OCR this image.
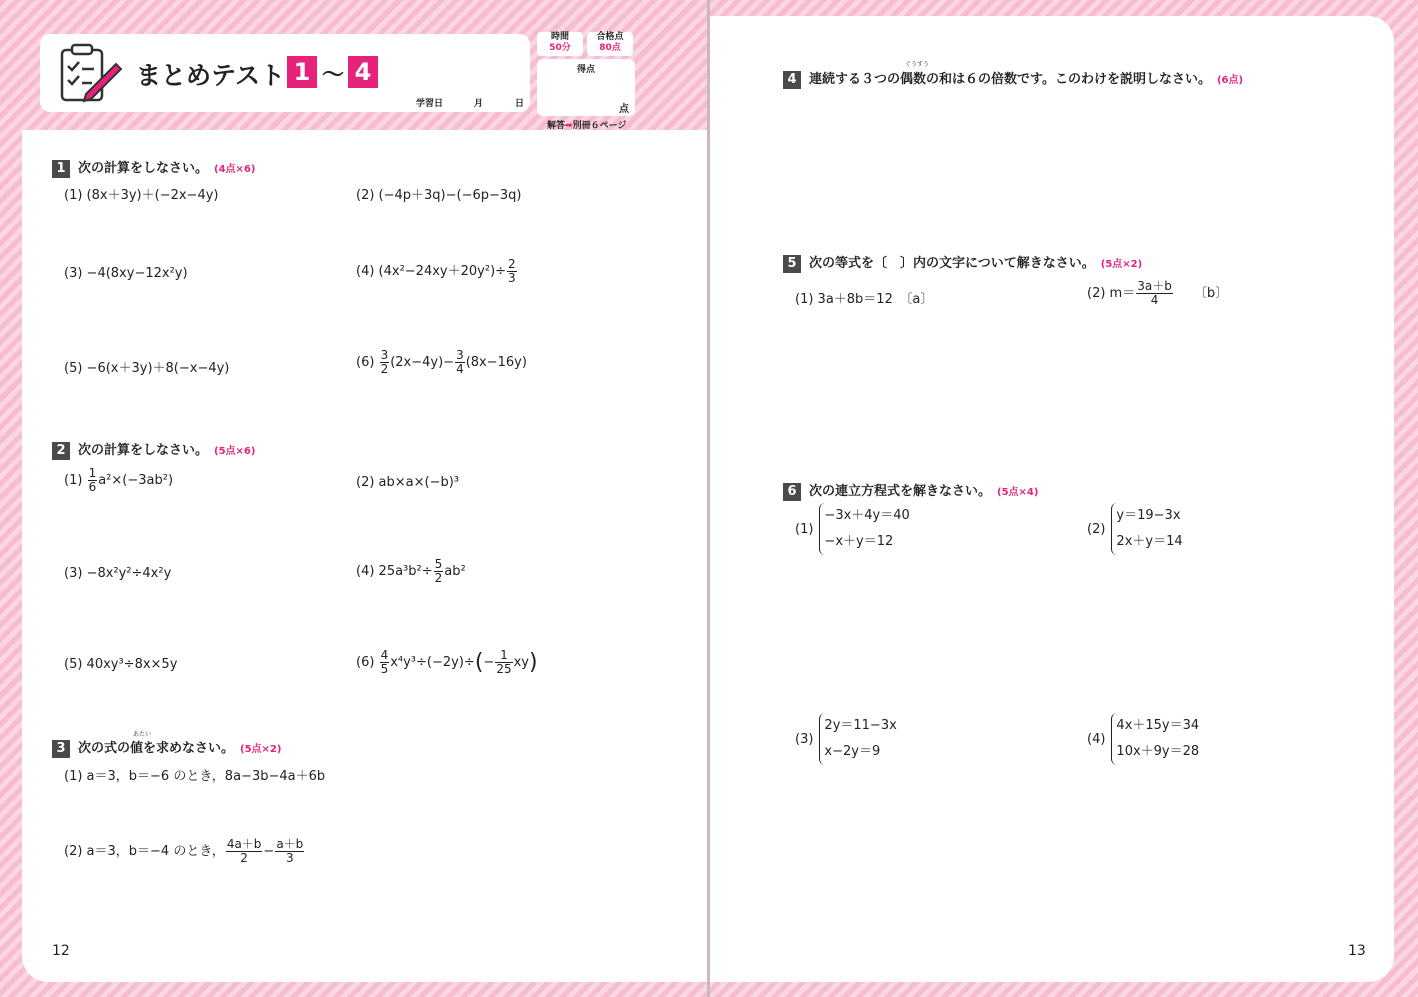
まとめテスト 1 〜 4
学習日	月	日
時間
50分
合格点
80点
得点
点
解答➡別冊６ページ
1 次の計算をしなさい。 (4点×6)
(1) (8x＋3y)＋(−2x−4y)	(2) (−4p＋3q)−(−6p−3q)
(3) −4(8xy−12x²y)	(4) $(4x^2-24xy+20y^2)\div \frac{2}{3}$
(5) −6(x＋3y)＋8(−x−4y)	$(6) \frac{3}{2} (2x-4y)- \frac{3}{4} (8x-16y)$
2 次の計算をしなさい。 (5点×6)
$(1) \frac{1}{6} a^2\times(-3ab^2)$	(2) ab×a×(−b)³
(3) −8x²y²÷4x²y	(4) $25a^3b^2\div \frac{5}{2} ab^2$
(5) 40xy³÷8x×5y	$(6) \frac{4}{5} x^4y^3\div(-2y)\div(- \frac{1}{25} xy)$
あたい
3 次の式の値を求めなさい。 (5点×2)
(1) a＝3，b＝−6 のとき，8a−3b−4a＋6b
(2) a＝3，b＝−4 のとき， $\frac{4a+b}{2} - \frac{a+b}{3}$
12
ぐうすう
4 連続する３つの偶数の和は６の倍数です。このわけを説明しなさい。 (6点)
5 次の等式を〔　〕内の文字について解きなさい。 (5点×2)
(1) 3a＋8b＝12　〔a〕	(2) $m= \frac{3a+b}{4}$ 〔b〕
6 次の連立方程式を解きなさい。 (5点×4)
(1)
−3x＋4y＝40
−x＋y＝12
(2)
y＝19−3x
2x＋y＝14
(3)
2y＝11−3x
x−2y＝9
(4)
4x＋15y＝34
10x＋9y＝28
13
